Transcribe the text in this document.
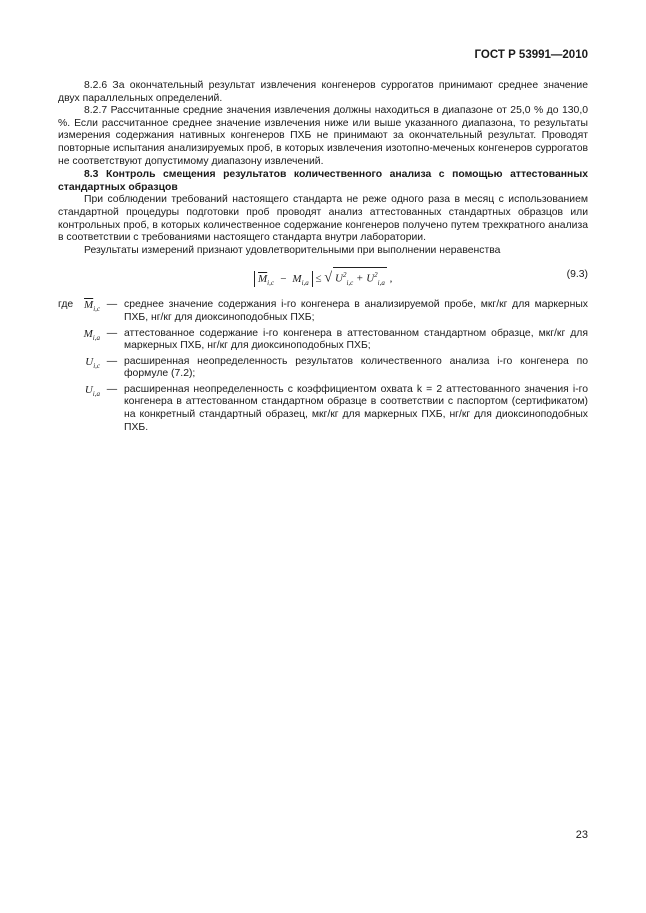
ГОСТ Р 53991—2010

8.2.6 За окончательный результат извлечения конгенеров суррогатов принимают среднее значение двух параллельных определений.

8.2.7 Рассчитанные средние значения извлечения должны находиться в диапазоне от 25,0 % до 130,0 %. Если рассчитанное среднее значение извлечения ниже или выше указанного диапазона, то результаты измерения содержания нативных конгенеров ПХБ не принимают за окончательный результат. Проводят повторные испытания анализируемых проб, в которых извлечения изотопно-меченых конгенеров суррогатов не соответствуют допустимому диапазону извлечений.

8.3 Контроль смещения результатов количественного анализа с помощью аттестованных стандартных образцов

При соблюдении требований настоящего стандарта не реже одного раза в месяц с использованием стандартной процедуры подготовки проб проводят анализ аттестованных стандартных образцов или контрольных проб, в которых количественное содержание конгенеров получено путем трехкратного анализа в соответствии с требованиями настоящего стандарта внутри лаборатории.

Результаты измерений признают удовлетворительными при выполнении неравенства

$\overline{M}_{i,c} - M_{i,a}$ ≤ √ $U^2_{i,c} + U^2_{i,a}$ ,	(9.3)
где $\overline{M}_{i,c}$ — среднее значение содержания i-го конгенера в анализируемой пробе, мкг/кг для маркерных ПХБ, нг/кг для диоксиноподобных ПХБ;
$M_{i,a}$ — аттестованное содержание i-го конгенера в аттестованном стандартном образце, мкг/кг для маркерных ПХБ, нг/кг для диоксиноподобных ПХБ;
$U_{i,c}$ — расширенная неопределенность результатов количественного анализа i-го конгенера по формуле (7.2);
$U_{i,a}$ — расширенная неопределенность с коэффициентом охвата k = 2 аттестованного значения i-го конгенера в аттестованном стандартном образце в соответствии с паспортом (сертификатом) на конкретный стандартный образец, мкг/кг для маркерных ПХБ, нг/кг для диоксиноподобных ПХБ.
23
